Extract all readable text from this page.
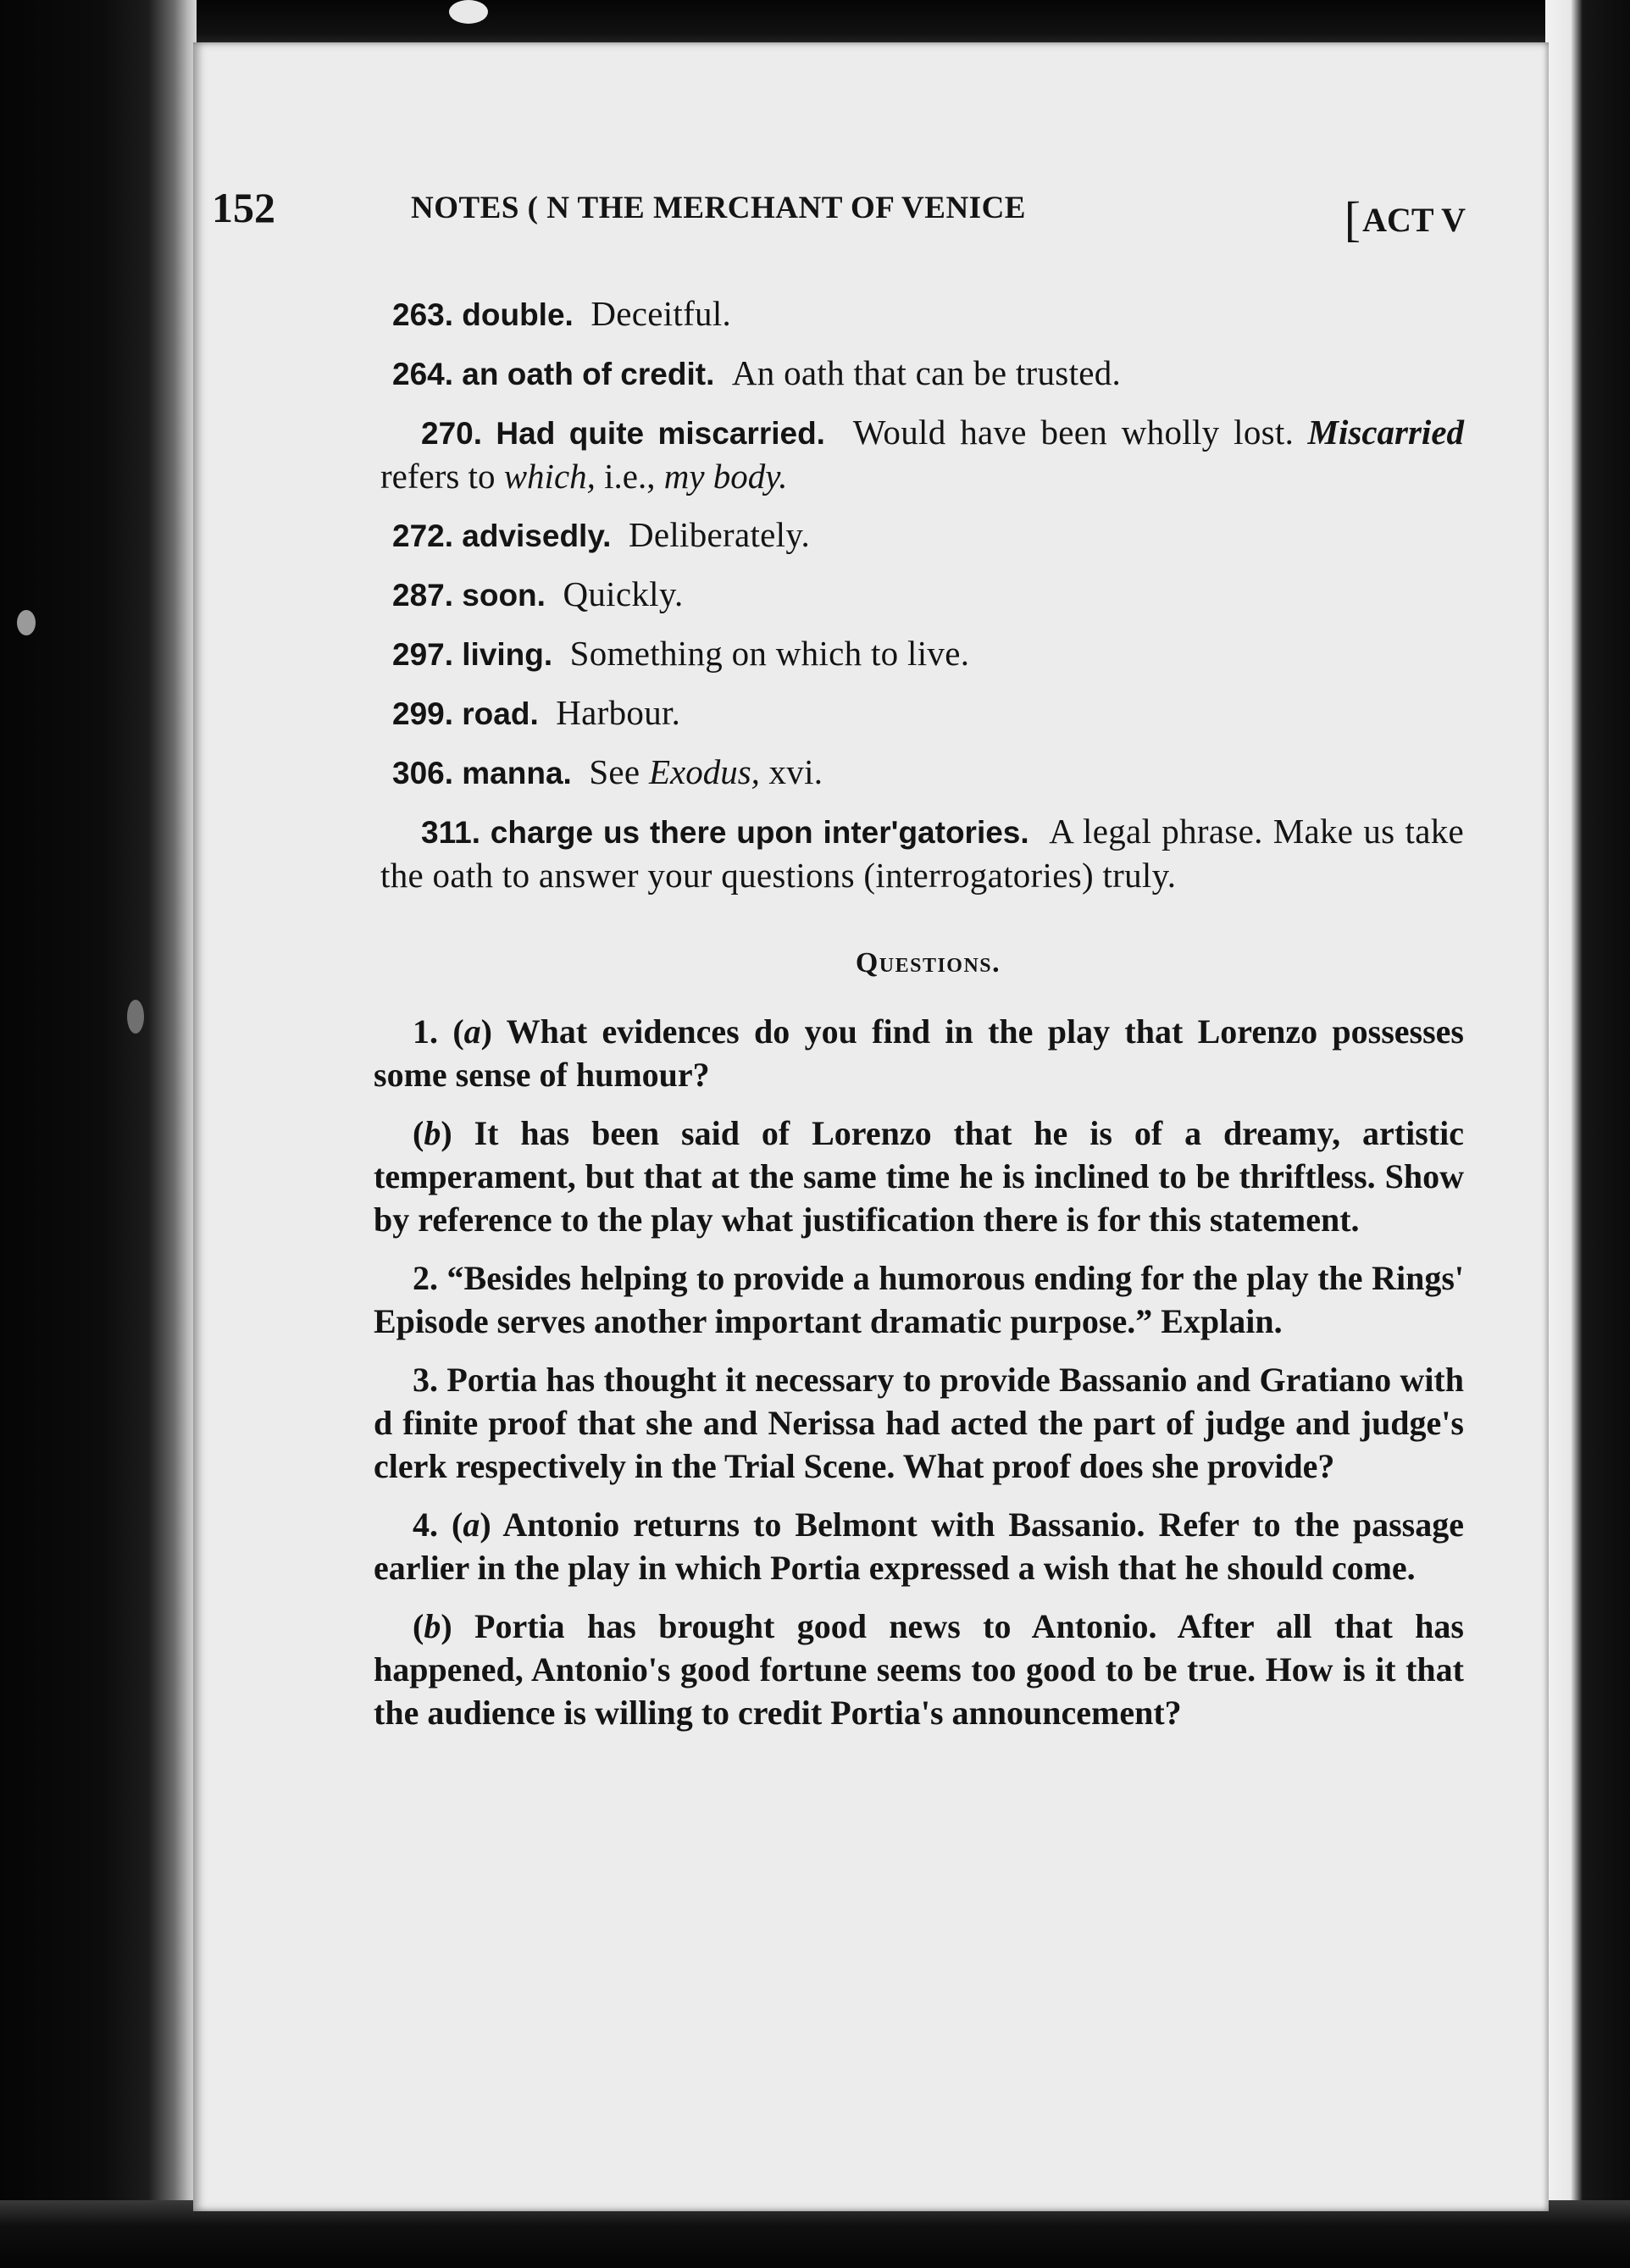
152	NOTES ( N THE MERCHANT OF VENICE	[ACT V

263. double. Deceitful.

264. an oath of credit. An oath that can be trusted.

270. Had quite miscarried. Would have been wholly lost. Miscarried refers to which, i.e., my body.

272. advisedly. Deliberately.

287. soon. Quickly.

297. living. Something on which to live.

299. road. Harbour.

306. manna. See Exodus, xvi.

311. charge us there upon inter'gatories. A legal phrase. Make us take the oath to answer your questions (interrogatories) truly.

Questions.

1. (a) What evidences do you find in the play that Lorenzo possesses some sense of humour?

(b) It has been said of Lorenzo that he is of a dreamy, artistic temperament, but that at the same time he is inclined to be thriftless. Show by reference to the play what justification there is for this statement.

2. “Besides helping to provide a humorous ending for the play the Rings' Episode serves another important dramatic purpose.” Explain.

3. Portia has thought it necessary to provide Bassanio and Gratiano with d finite proof that she and Nerissa had acted the part of judge and judge's clerk respectively in the Trial Scene. What proof does she provide?

4. (a) Antonio returns to Belmont with Bassanio. Refer to the passage earlier in the play in which Portia expressed a wish that he should come.

(b) Portia has brought good news to Antonio. After all that has happened, Antonio's good fortune seems too good to be true. How is it that the audience is willing to credit Portia's announcement?
